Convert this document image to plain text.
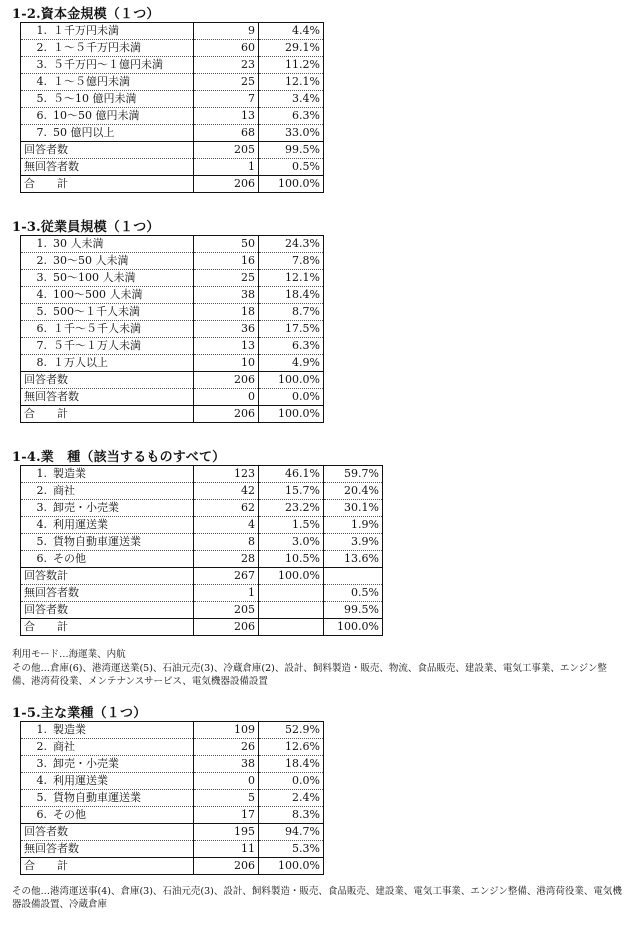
1-2.資本金規模（１つ）
1. １千万円未満	9	4.4%
2. １～５千万円未満	60	29.1%
3. ５千万円～１億円未満	23	11.2%
4. １～５億円未満	25	12.1%
5. ５～10 億円未満	7	3.4%
6. 10～50 億円未満	13	6.3%
7. 50 億円以上	68	33.0%
回答者数	205	99.5%
無回答者数	1	0.5%
合　　計	206	100.0%
1-3.従業員規模（１つ）
1. 30 人未満	50	24.3%
2. 30～50 人未満	16	7.8%
3. 50～100 人未満	25	12.1%
4. 100～500 人未満	38	18.4%
5. 500～１千人未満	18	8.7%
6. １千～５千人未満	36	17.5%
7. ５千～１万人未満	13	6.3%
8. １万人以上	10	4.9%
回答者数	206	100.0%
無回答者数	0	0.0%
合　　計	206	100.0%
1-4.業　種（該当するものすべて）
1. 製造業	123	46.1%	59.7%
2. 商社	42	15.7%	20.4%
3. 卸売・小売業	62	23.2%	30.1%
4. 利用運送業	4	1.5%	1.9%
5. 貨物自動車運送業	8	3.0%	3.9%
6. その他	28	10.5%	13.6%
回答数計	267	100.0%	
無回答者数	1		0.5%
回答者数	205		99.5%
合　　計	206		100.0%
利用モード…海運業、内航
その他…倉庫(6)、港湾運送業(5)、石油元売(3)、冷蔵倉庫(2)、設計、飼料製造・販売、物流、食品販売、建設業、電気工事業、エンジン整備、港湾荷役業、メンテナンスサービス、電気機器設備設置
1-5.主な業種（１つ）
1. 製造業	109	52.9%
2. 商社	26	12.6%
3. 卸売・小売業	38	18.4%
4. 利用運送業	0	0.0%
5. 貨物自動車運送業	5	2.4%
6. その他	17	8.3%
回答者数	195	94.7%
無回答者数	11	5.3%
合　　計	206	100.0%
その他…港湾運送事(4)、倉庫(3)、石油元売(3)、設計、飼料製造・販売、食品販売、建設業、電気工事業、エンジン整備、港湾荷役業、電気機器設備設置、冷蔵倉庫
